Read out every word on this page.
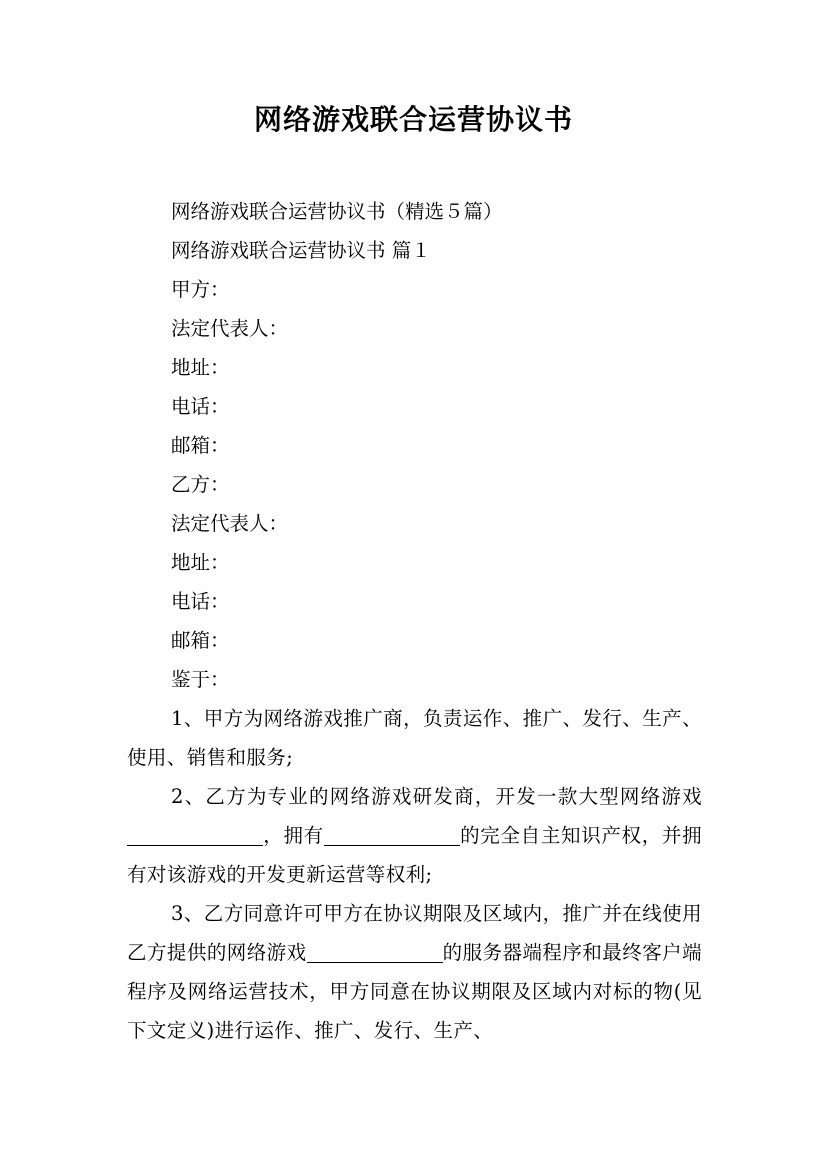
网络游戏联合运营协议书
网络游戏联合运营协议书（精选５篇）
网络游戏联合运营协议书 篇１
甲方：
法定代表人：
地址：
电话：
邮箱：
乙方：
法定代表人：
地址：
电话：
邮箱：
鉴于：
1、甲方为网络游戏推广商，负责运作、推广、发行、生产、使用、销售和服务;
2、乙方为专业的网络游戏研发商，开发一款大型网络游戏，拥有	的完全自主知识产权，并拥有对该游戏的开发更新运营等权利;
3、乙方同意许可甲方在协议期限及区域内，推广并在线使用乙方提供的网络游戏	的服务器端程序和最终客户端程序及网络运营技术，甲方同意在协议期限及区域内对标的物(见下文定义)进行运作、推广、发行、生产、
